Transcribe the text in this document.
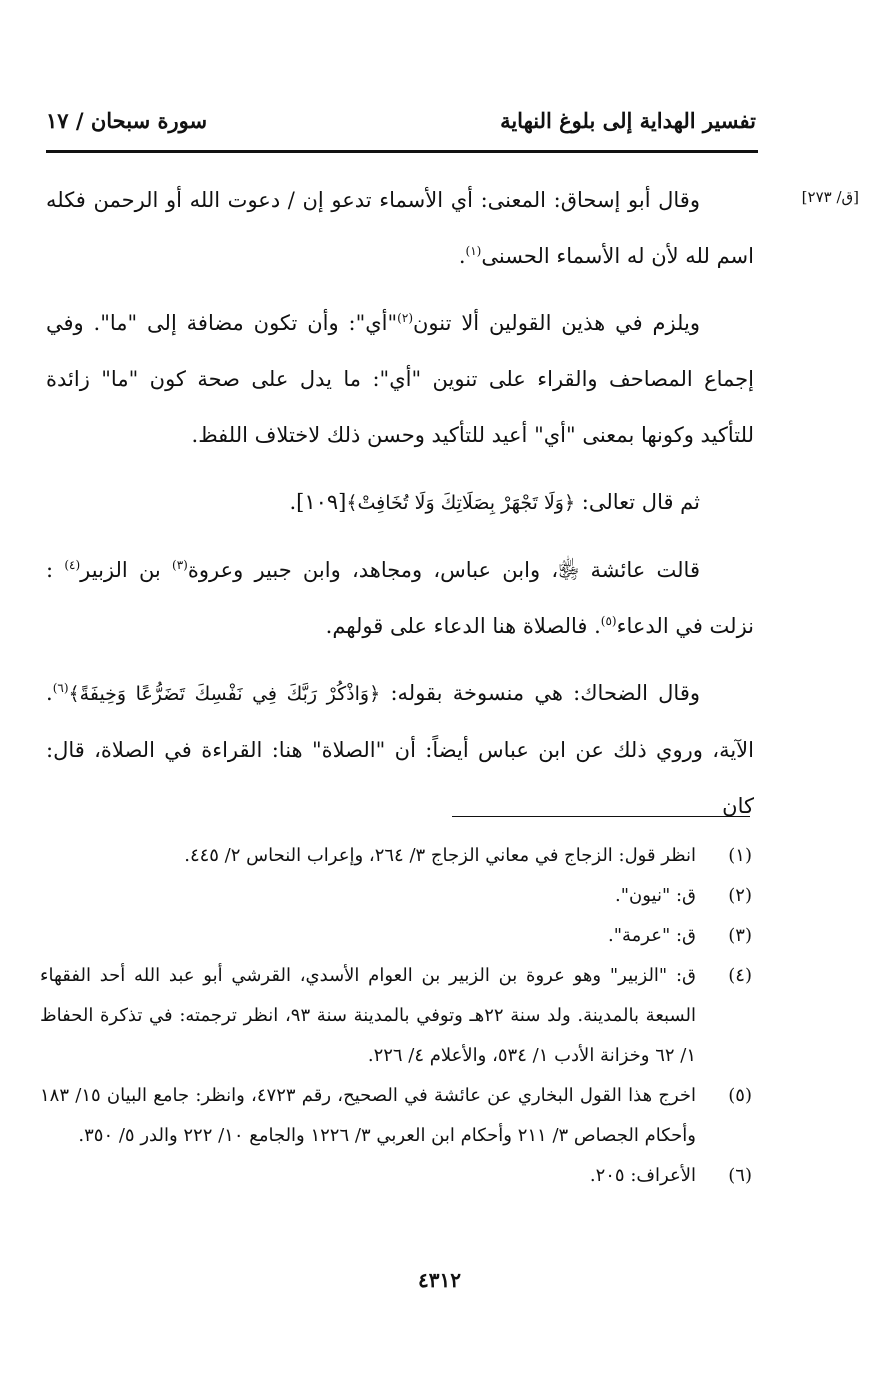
تفسير الهداية إلى بلوغ النهاية
سورة سبحان / ١٧
[ق/ ٢٧٣]

وقال أبو إسحاق: المعنى: أي الأسماء تدعو إن / دعوت الله أو الرحمن فكله اسم لله لأن له الأسماء الحسنى$^{(١)}$.

ويلزم في هذين القولين ألا تنون$^{(٢)}$"أي": وأن تكون مضافة إلى "ما". وفي إجماع المصاحف والقراء على تنوين "أي": ما يدل على صحة كون "ما" زائدة للتأكيد وكونها بمعنى "أي" أعيد للتأكيد وحسن ذلك لاختلاف اللفظ.

ثم قال تعالى: ﴿وَلَا تَجْهَرْ بِصَلَاتِكَ وَلَا تُخَافِتْ﴾[١٠٩].

قالت عائشة ﵂، وابن عباس، ومجاهد، وابن جبير وعروة$^{(٣)}$ بن الزبير$^{(٤)}$ : نزلت في الدعاء$^{(٥)}$. فالصلاة هنا الدعاء على قولهم.

وقال الضحاك: هي منسوخة بقوله: ﴿وَاذْكُرْ رَبَّكَ فِي نَفْسِكَ تَضَرُّعًا وَخِيفَةً﴾$^{(٦)}$. الآية، وروي ذلك عن ابن عباس أيضاً: أن "الصلاة" هنا: القراءة في الصلاة، قال: كان

(١)
انظر قول: الزجاج في معاني الزجاج ٣/ ٢٦٤، وإعراب النحاس ٢/ ٤٤٥.
(٢)
ق: "نيون".
(٣)
ق: "عرمة".
(٤)
ق: "الزبير" وهو عروة بن الزبير بن العوام الأسدي، القرشي أبو عبد الله أحد الفقهاء السبعة بالمدينة. ولد سنة ٢٢هـ وتوفي بالمدينة سنة ٩٣، انظر ترجمته: في تذكرة الحفاظ ١/ ٦٢ وخزانة الأدب ١/ ٥٣٤، والأعلام ٤/ ٢٢٦.
(٥)
اخرج هذا القول البخاري عن عائشة في الصحيح، رقم ٤٧٢٣، وانظر: جامع البيان ١٥/ ١٨٣ وأحكام الجصاص ٣/ ٢١١ وأحكام ابن العربي ٣/ ١٢٢٦ والجامع ١٠/ ٢٢٢ والدر ٥/ ٣٥٠.
(٦)
الأعراف: ٢٠٥.
٤٣١٢
